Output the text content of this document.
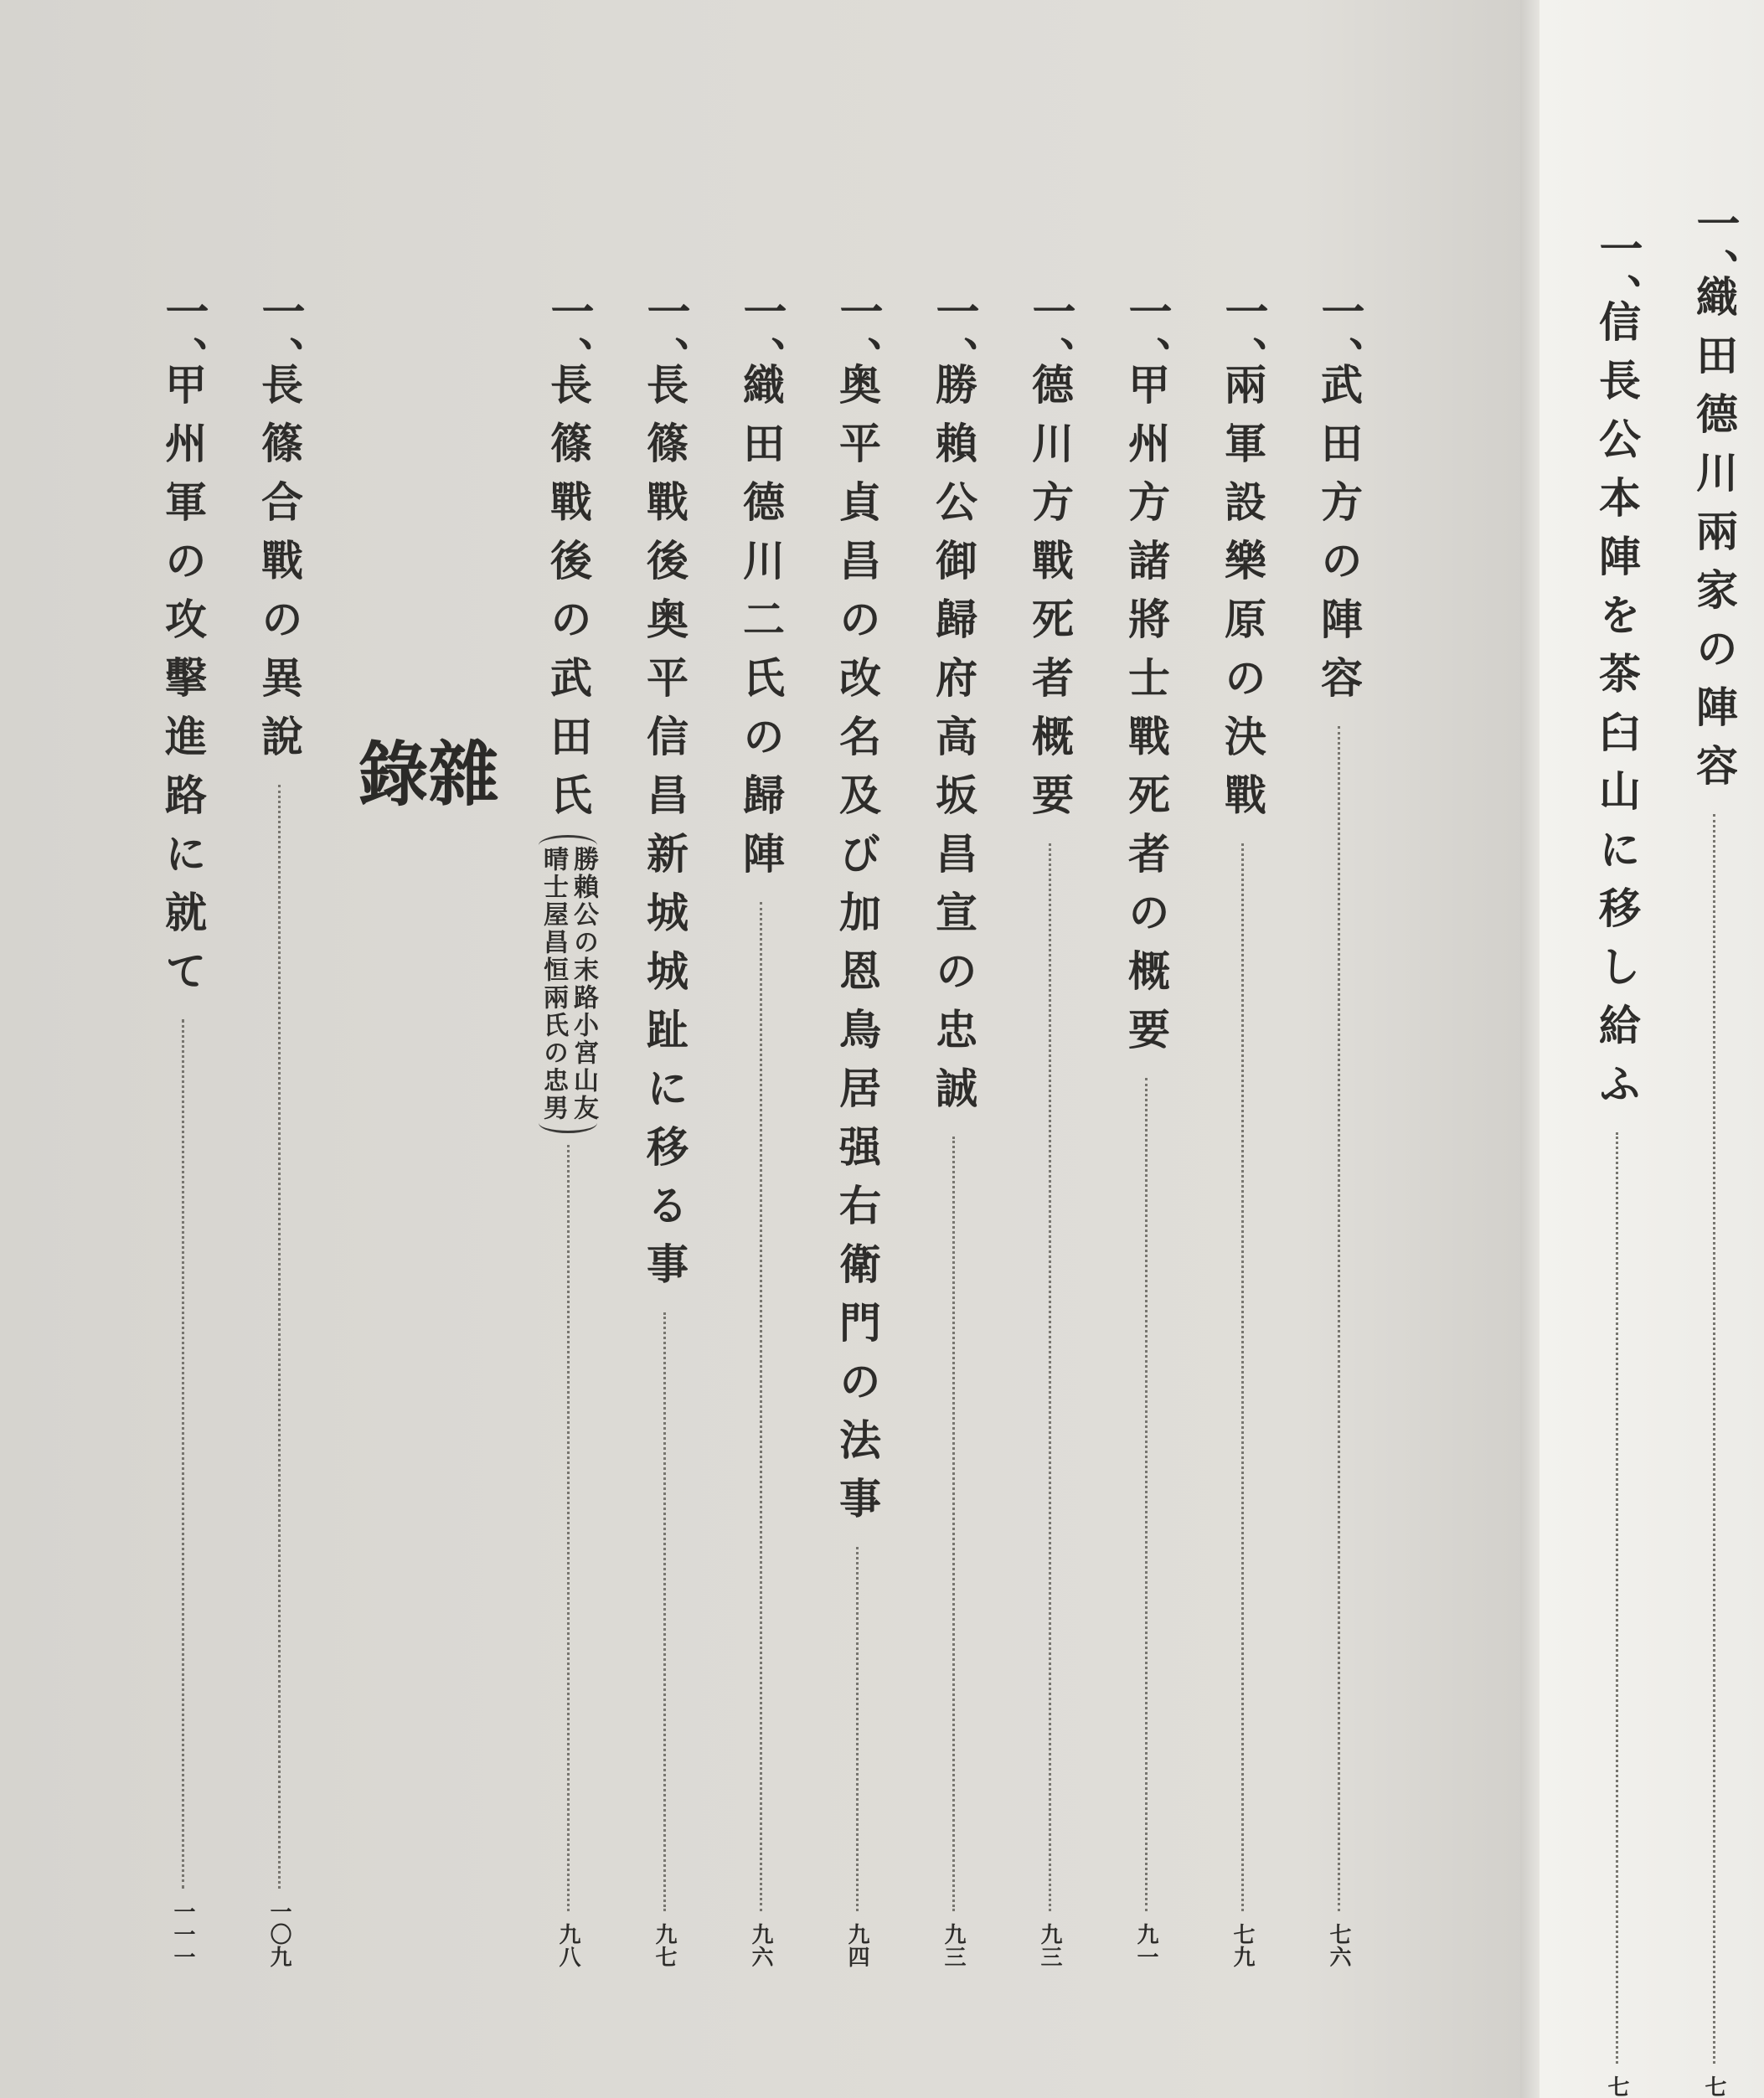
一、
織田德川兩家の陣容
七
一、
信長公本陣を茶臼山に移し給ふ
七
一、
武田方の陣容
七六
一、
兩軍設樂原の決戰
七九
一、
甲州方諸將士戰死者の概要
九一
一、
德川方戰死者概要
九三
一、
勝賴公御歸府高坂昌宣の忠誠
九三
一、
奥平貞昌の改名及び加恩鳥居强右衛門の法事
九四
一、
織田德川二氏の歸陣
九六
一、
長篠戰後奥平信昌新城城趾に移る事
九七
一、
長篠戰後の武田氏
勝賴公の末路小宮山友
晴士屋昌恒兩氏の忠男
九八
雜　錄
一、
長篠合戰の異說
一〇九
一、
甲州軍の攻擊進路に就て
一一一
